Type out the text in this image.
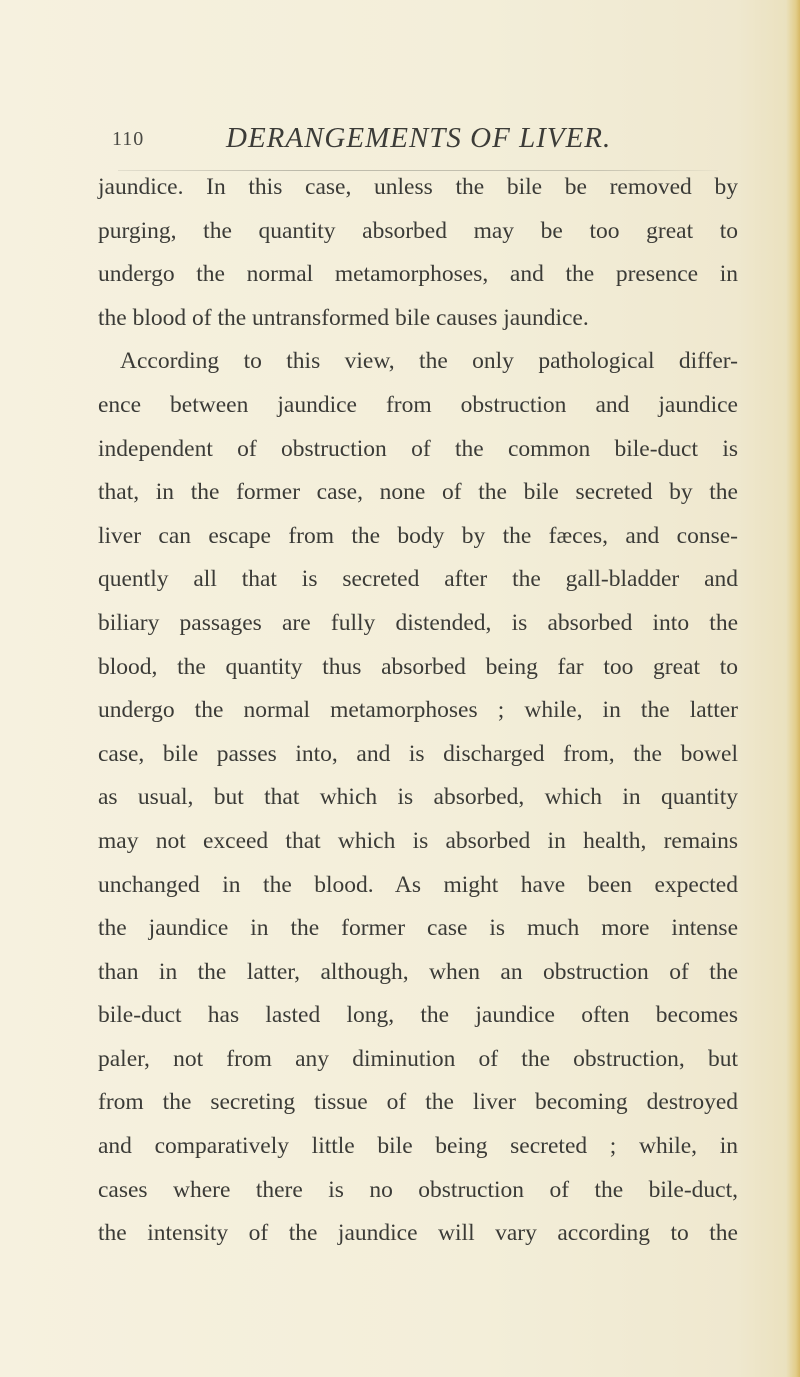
110	DERANGEMENTS OF LIVER.
jaundice. In this case, unless the bile be removed by
purging, the quantity absorbed may be too great to
undergo the normal metamorphoses, and the presence in
the blood of the untransformed bile causes jaundice.
According to this view, the only pathological differ-
ence between jaundice from obstruction and jaundice
independent of obstruction of the common bile-duct is
that, in the former case, none of the bile secreted by the
liver can escape from the body by the fæces, and conse-
quently all that is secreted after the gall-bladder and
biliary passages are fully distended, is absorbed into the
blood, the quantity thus absorbed being far too great to
undergo the normal metamorphoses ; while, in the latter
case, bile passes into, and is discharged from, the bowel
as usual, but that which is absorbed, which in quantity
may not exceed that which is absorbed in health, remains
unchanged in the blood. As might have been expected
the jaundice in the former case is much more intense
than in the latter, although, when an obstruction of the
bile-duct has lasted long, the jaundice often becomes
paler, not from any diminution of the obstruction, but
from the secreting tissue of the liver becoming destroyed
and comparatively little bile being secreted ; while, in
cases where there is no obstruction of the bile-duct,
the intensity of the jaundice will vary according to the
